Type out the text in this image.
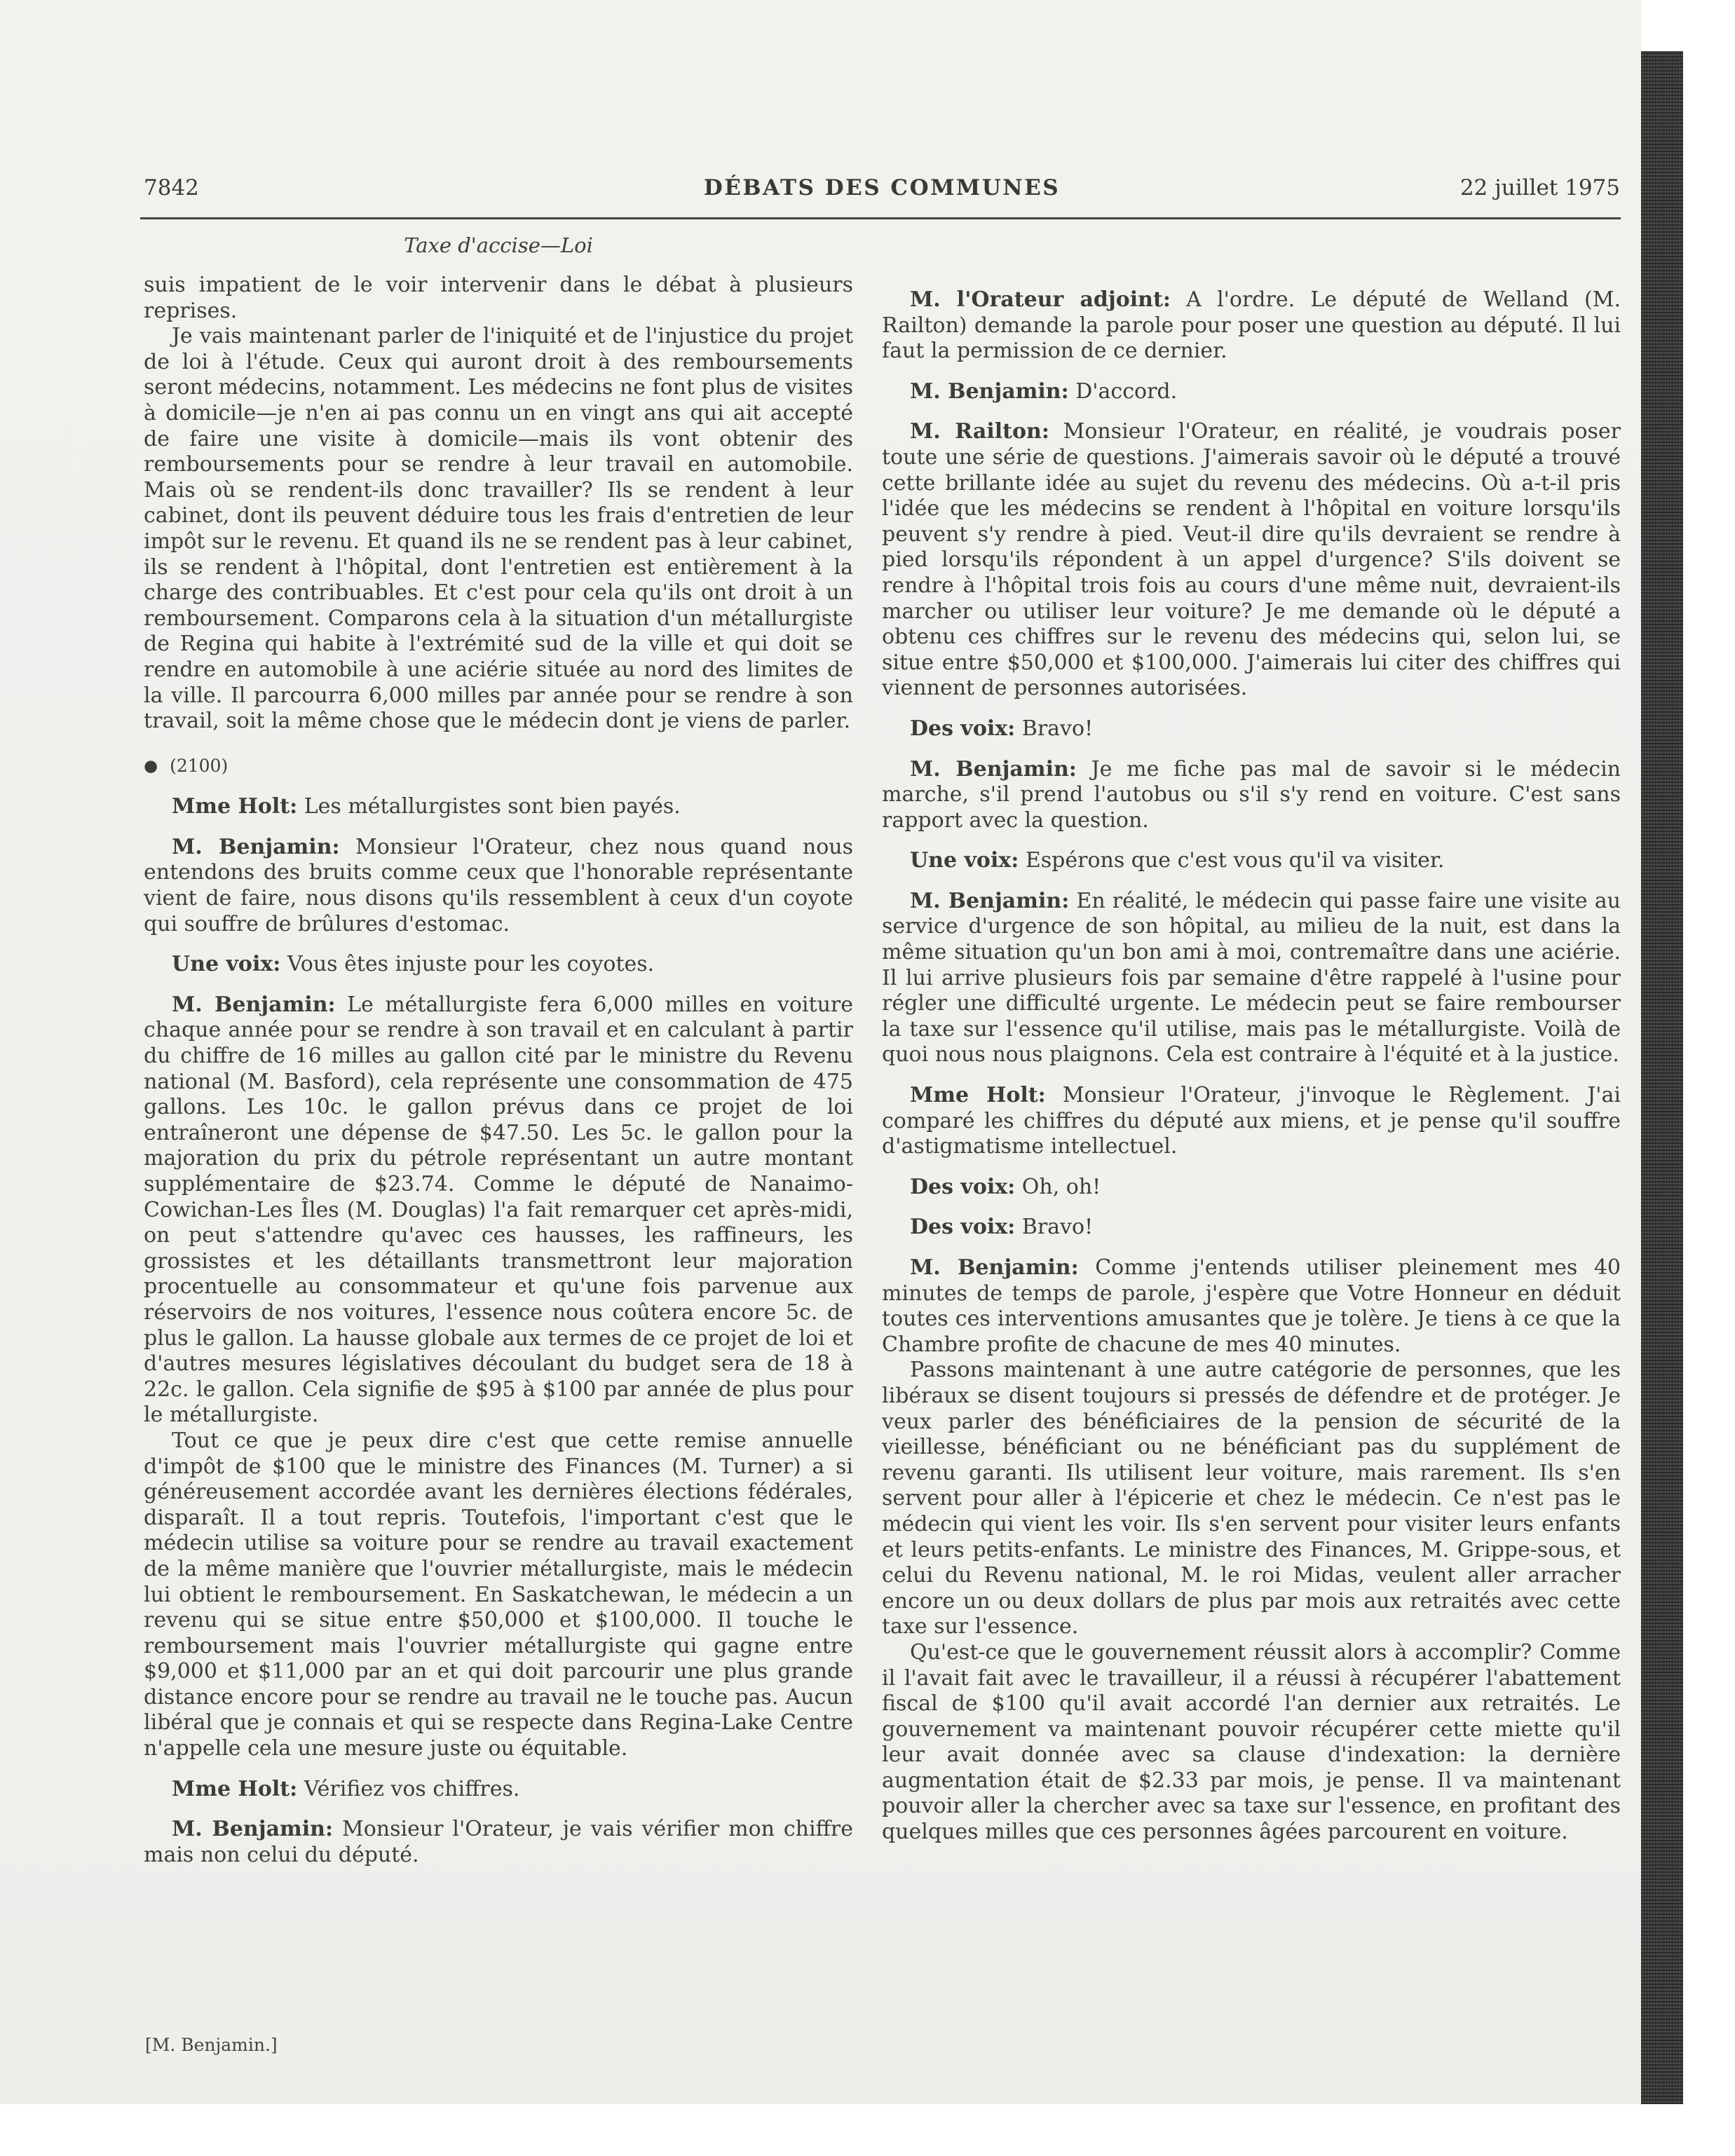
7842	DÉBATS DES COMMUNES	22 juillet 1975
Taxe d'accise—Loi

suis impatient de le voir intervenir dans le débat à plusieurs reprises.

Je vais maintenant parler de l'iniquité et de l'injustice du projet de loi à l'étude. Ceux qui auront droit à des remboursements seront médecins, notamment. Les médecins ne font plus de visites à domicile—je n'en ai pas connu un en vingt ans qui ait accepté de faire une visite à domicile—mais ils vont obtenir des remboursements pour se rendre à leur travail en automobile. Mais où se rendent-ils donc travailler? Ils se rendent à leur cabinet, dont ils peuvent déduire tous les frais d'entretien de leur impôt sur le revenu. Et quand ils ne se rendent pas à leur cabinet, ils se rendent à l'hôpital, dont l'entretien est entièrement à la charge des contribuables. Et c'est pour cela qu'ils ont droit à un remboursement. Comparons cela à la situation d'un métallurgiste de Regina qui habite à l'extrémité sud de la ville et qui doit se rendre en automobile à une aciérie située au nord des limites de la ville. Il parcourra 6,000 milles par année pour se rendre à son travail, soit la même chose que le médecin dont je viens de parler.

● (2100)

Mme Holt: Les métallurgistes sont bien payés.

M. Benjamin: Monsieur l'Orateur, chez nous quand nous entendons des bruits comme ceux que l'honorable représentante vient de faire, nous disons qu'ils ressemblent à ceux d'un coyote qui souffre de brûlures d'estomac.

Une voix: Vous êtes injuste pour les coyotes.

M. Benjamin: Le métallurgiste fera 6,000 milles en voiture chaque année pour se rendre à son travail et en calculant à partir du chiffre de 16 milles au gallon cité par le ministre du Revenu national (M. Basford), cela représente une consommation de 475 gallons. Les 10c. le gallon prévus dans ce projet de loi entraîneront une dépense de $47.50. Les 5c. le gallon pour la majoration du prix du pétrole représentant un autre montant supplémentaire de $23.74. Comme le député de Nanaimo-Cowichan-Les Îles (M. Douglas) l'a fait remarquer cet après-midi, on peut s'attendre qu'avec ces hausses, les raffineurs, les grossistes et les détaillants transmettront leur majoration procentuelle au consommateur et qu'une fois parvenue aux réservoirs de nos voitures, l'essence nous coûtera encore 5c. de plus le gallon. La hausse globale aux termes de ce projet de loi et d'autres mesures législatives découlant du budget sera de 18 à 22c. le gallon. Cela signifie de $95 à $100 par année de plus pour le métallurgiste.

Tout ce que je peux dire c'est que cette remise annuelle d'impôt de $100 que le ministre des Finances (M. Turner) a si généreusement accordée avant les dernières élections fédérales, disparaît. Il a tout repris. Toutefois, l'important c'est que le médecin utilise sa voiture pour se rendre au travail exactement de la même manière que l'ouvrier métallurgiste, mais le médecin lui obtient le remboursement. En Saskatchewan, le médecin a un revenu qui se situe entre $50,000 et $100,000. Il touche le remboursement mais l'ouvrier métallurgiste qui gagne entre $9,000 et $11,000 par an et qui doit parcourir une plus grande distance encore pour se rendre au travail ne le touche pas. Aucun libéral que je connais et qui se respecte dans Regina-Lake Centre n'appelle cela une mesure juste ou équitable.

Mme Holt: Vérifiez vos chiffres.

M. Benjamin: Monsieur l'Orateur, je vais vérifier mon chiffre mais non celui du député.

M. l'Orateur adjoint: A l'ordre. Le député de Welland (M. Railton) demande la parole pour poser une question au député. Il lui faut la permission de ce dernier.

M. Benjamin: D'accord.

M. Railton: Monsieur l'Orateur, en réalité, je voudrais poser toute une série de questions. J'aimerais savoir où le député a trouvé cette brillante idée au sujet du revenu des médecins. Où a-t-il pris l'idée que les médecins se rendent à l'hôpital en voiture lorsqu'ils peuvent s'y rendre à pied. Veut-il dire qu'ils devraient se rendre à pied lorsqu'ils répondent à un appel d'urgence? S'ils doivent se rendre à l'hôpital trois fois au cours d'une même nuit, devraient-ils marcher ou utiliser leur voiture? Je me demande où le député a obtenu ces chiffres sur le revenu des médecins qui, selon lui, se situe entre $50,000 et $100,000. J'aimerais lui citer des chiffres qui viennent de personnes autorisées.

Des voix: Bravo!

M. Benjamin: Je me fiche pas mal de savoir si le médecin marche, s'il prend l'autobus ou s'il s'y rend en voiture. C'est sans rapport avec la question.

Une voix: Espérons que c'est vous qu'il va visiter.

M. Benjamin: En réalité, le médecin qui passe faire une visite au service d'urgence de son hôpital, au milieu de la nuit, est dans la même situation qu'un bon ami à moi, contremaître dans une aciérie. Il lui arrive plusieurs fois par semaine d'être rappelé à l'usine pour régler une difficulté urgente. Le médecin peut se faire rembourser la taxe sur l'essence qu'il utilise, mais pas le métallurgiste. Voilà de quoi nous nous plaignons. Cela est contraire à l'équité et à la justice.

Mme Holt: Monsieur l'Orateur, j'invoque le Règlement. J'ai comparé les chiffres du député aux miens, et je pense qu'il souffre d'astigmatisme intellectuel.

Des voix: Oh, oh!

Des voix: Bravo!

M. Benjamin: Comme j'entends utiliser pleinement mes 40 minutes de temps de parole, j'espère que Votre Honneur en déduit toutes ces interventions amusantes que je tolère. Je tiens à ce que la Chambre profite de chacune de mes 40 minutes.

Passons maintenant à une autre catégorie de personnes, que les libéraux se disent toujours si pressés de défendre et de protéger. Je veux parler des bénéficiaires de la pension de sécurité de la vieillesse, bénéficiant ou ne bénéficiant pas du supplément de revenu garanti. Ils utilisent leur voiture, mais rarement. Ils s'en servent pour aller à l'épicerie et chez le médecin. Ce n'est pas le médecin qui vient les voir. Ils s'en servent pour visiter leurs enfants et leurs petits-enfants. Le ministre des Finances, M. Grippe-sous, et celui du Revenu national, M. le roi Midas, veulent aller arracher encore un ou deux dollars de plus par mois aux retraités avec cette taxe sur l'essence.

Qu'est-ce que le gouvernement réussit alors à accomplir? Comme il l'avait fait avec le travailleur, il a réussi à récupérer l'abattement fiscal de $100 qu'il avait accordé l'an dernier aux retraités. Le gouvernement va maintenant pouvoir récupérer cette miette qu'il leur avait donnée avec sa clause d'indexation: la dernière augmentation était de $2.33 par mois, je pense. Il va maintenant pouvoir aller la chercher avec sa taxe sur l'essence, en profitant des quelques milles que ces personnes âgées parcourent en voiture.

[M. Benjamin.]
